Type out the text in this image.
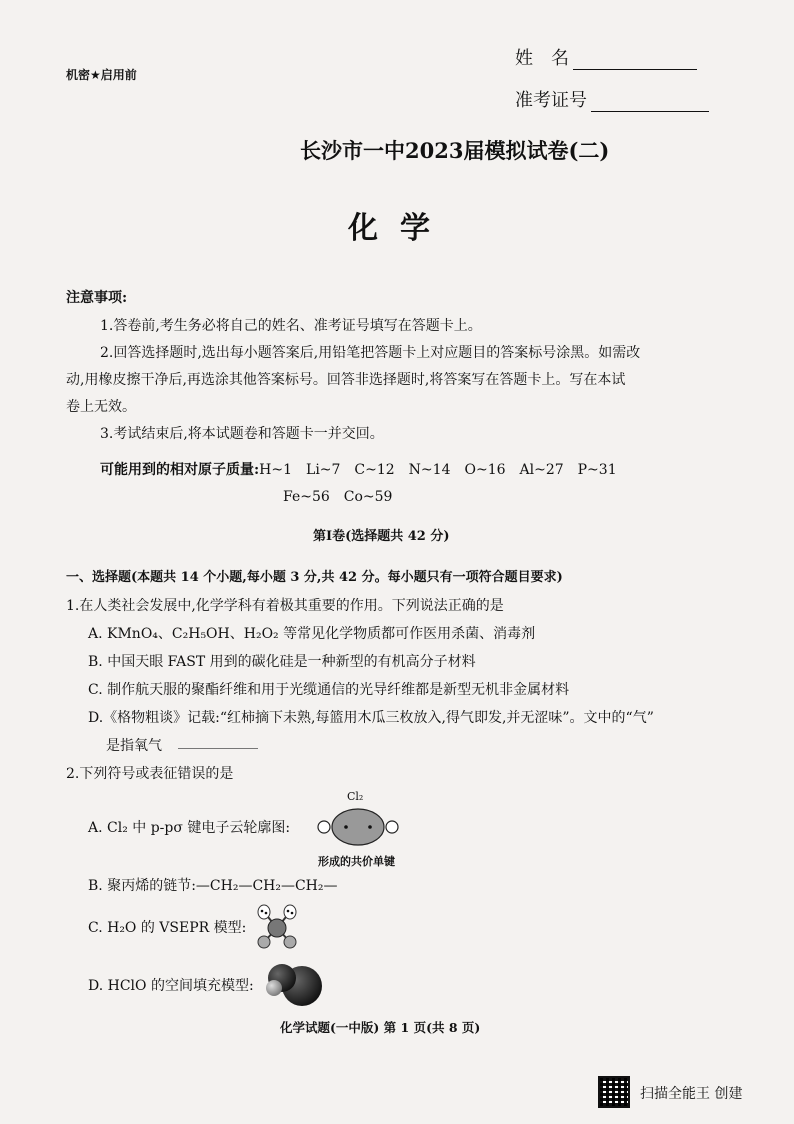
机密★启用前
姓　名
准考证号
长沙市一中2023届模拟试卷(二)
化学
注意事项:
1.答卷前,考生务必将自己的姓名、准考证号填写在答题卡上。
2.回答选择题时,选出每小题答案后,用铅笔把答题卡上对应题目的答案标号涂黑。如需改
动,用橡皮擦干净后,再选涂其他答案标号。回答非选择题时,将答案写在答题卡上。写在本试
卷上无效。
3.考试结束后,将本试题卷和答题卡一并交回。
可能用到的相对原子质量:H~1　Li~7　C~12　N~14　O~16　Al~27　P~31
Fe~56　Co~59
第Ⅰ卷(选择题共 42 分)
一、选择题(本题共 14 个小题,每小题 3 分,共 42 分。每小题只有一项符合题目要求)
1.在人类社会发展中,化学学科有着极其重要的作用。下列说法正确的是
A. KMnO₄、C₂H₅OH、H₂O₂ 等常见化学物质都可作医用杀菌、消毒剂
B. 中国天眼 FAST 用到的碳化硅是一种新型的有机高分子材料
C. 制作航天服的聚酯纤维和用于光缆通信的光导纤维都是新型无机非金属材料
D.《格物粗谈》记载:“红柿摘下未熟,每篮用木瓜三枚放入,得气即发,并无涩味”。文中的“气”
是指氧气
2.下列符号或表征错误的是
A. Cl₂ 中 p-pσ 键电子云轮廓图:
Cl₂
形成的共价单键
B. 聚丙烯的链节:—CH₂—CH₂—CH₂—
C. H₂O 的 VSEPR 模型:
D. HClO 的空间填充模型:
化学试题(一中版) 第 1 页(共 8 页)
扫描全能王 创建
